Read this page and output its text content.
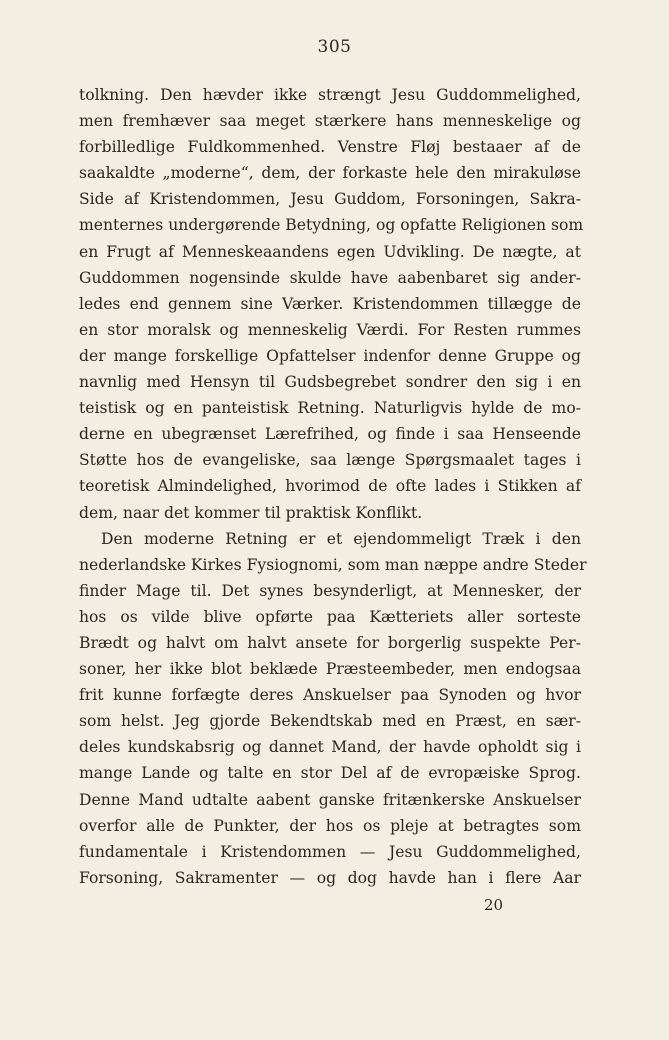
305
tolkning. Den hævder ikke strængt Jesu Guddommelighed,
men fremhæver saa meget stærkere hans menneskelige og
forbilledlige Fuldkommenhed. Venstre Fløj bestaaer af de
saakaldte „moderne“, dem, der forkaste hele den mirakuløse
Side af Kristendommen, Jesu Guddom, Forsoningen, Sakra-
menternes undergørende Betydning, og opfatte Religionen som
en Frugt af Menneskeaandens egen Udvikling. De nægte, at
Guddommen nogensinde skulde have aabenbaret sig ander-
ledes end gennem sine Værker. Kristendommen tillægge de
en stor moralsk og menneskelig Værdi. For Resten rummes
der mange forskellige Opfattelser indenfor denne Gruppe og
navnlig med Hensyn til Gudsbegrebet sondrer den sig i en
teistisk og en panteistisk Retning. Naturligvis hylde de mo-
derne en ubegrænset Lærefrihed, og finde i saa Henseende
Støtte hos de evangeliske, saa længe Spørgsmaalet tages i
teoretisk Almindelighed, hvorimod de ofte lades i Stikken af
dem, naar det kommer til praktisk Konflikt.
Den moderne Retning er et ejendommeligt Træk i den
nederlandske Kirkes Fysiognomi, som man næppe andre Steder
finder Mage til. Det synes besynderligt, at Mennesker, der
hos os vilde blive opførte paa Kætteriets aller sorteste
Brædt og halvt om halvt ansete for borgerlig suspekte Per-
soner, her ikke blot beklæde Præsteembeder, men endogsaa
frit kunne forfægte deres Anskuelser paa Synoden og hvor
som helst. Jeg gjorde Bekendtskab med en Præst, en sær-
deles kundskabsrig og dannet Mand, der havde opholdt sig i
mange Lande og talte en stor Del af de evropæiske Sprog.
Denne Mand udtalte aabent ganske fritænkerske Anskuelser
overfor alle de Punkter, der hos os pleje at betragtes som
fundamentale i Kristendommen — Jesu Guddommelighed,
Forsoning, Sakramenter — og dog havde han i flere Aar
20
